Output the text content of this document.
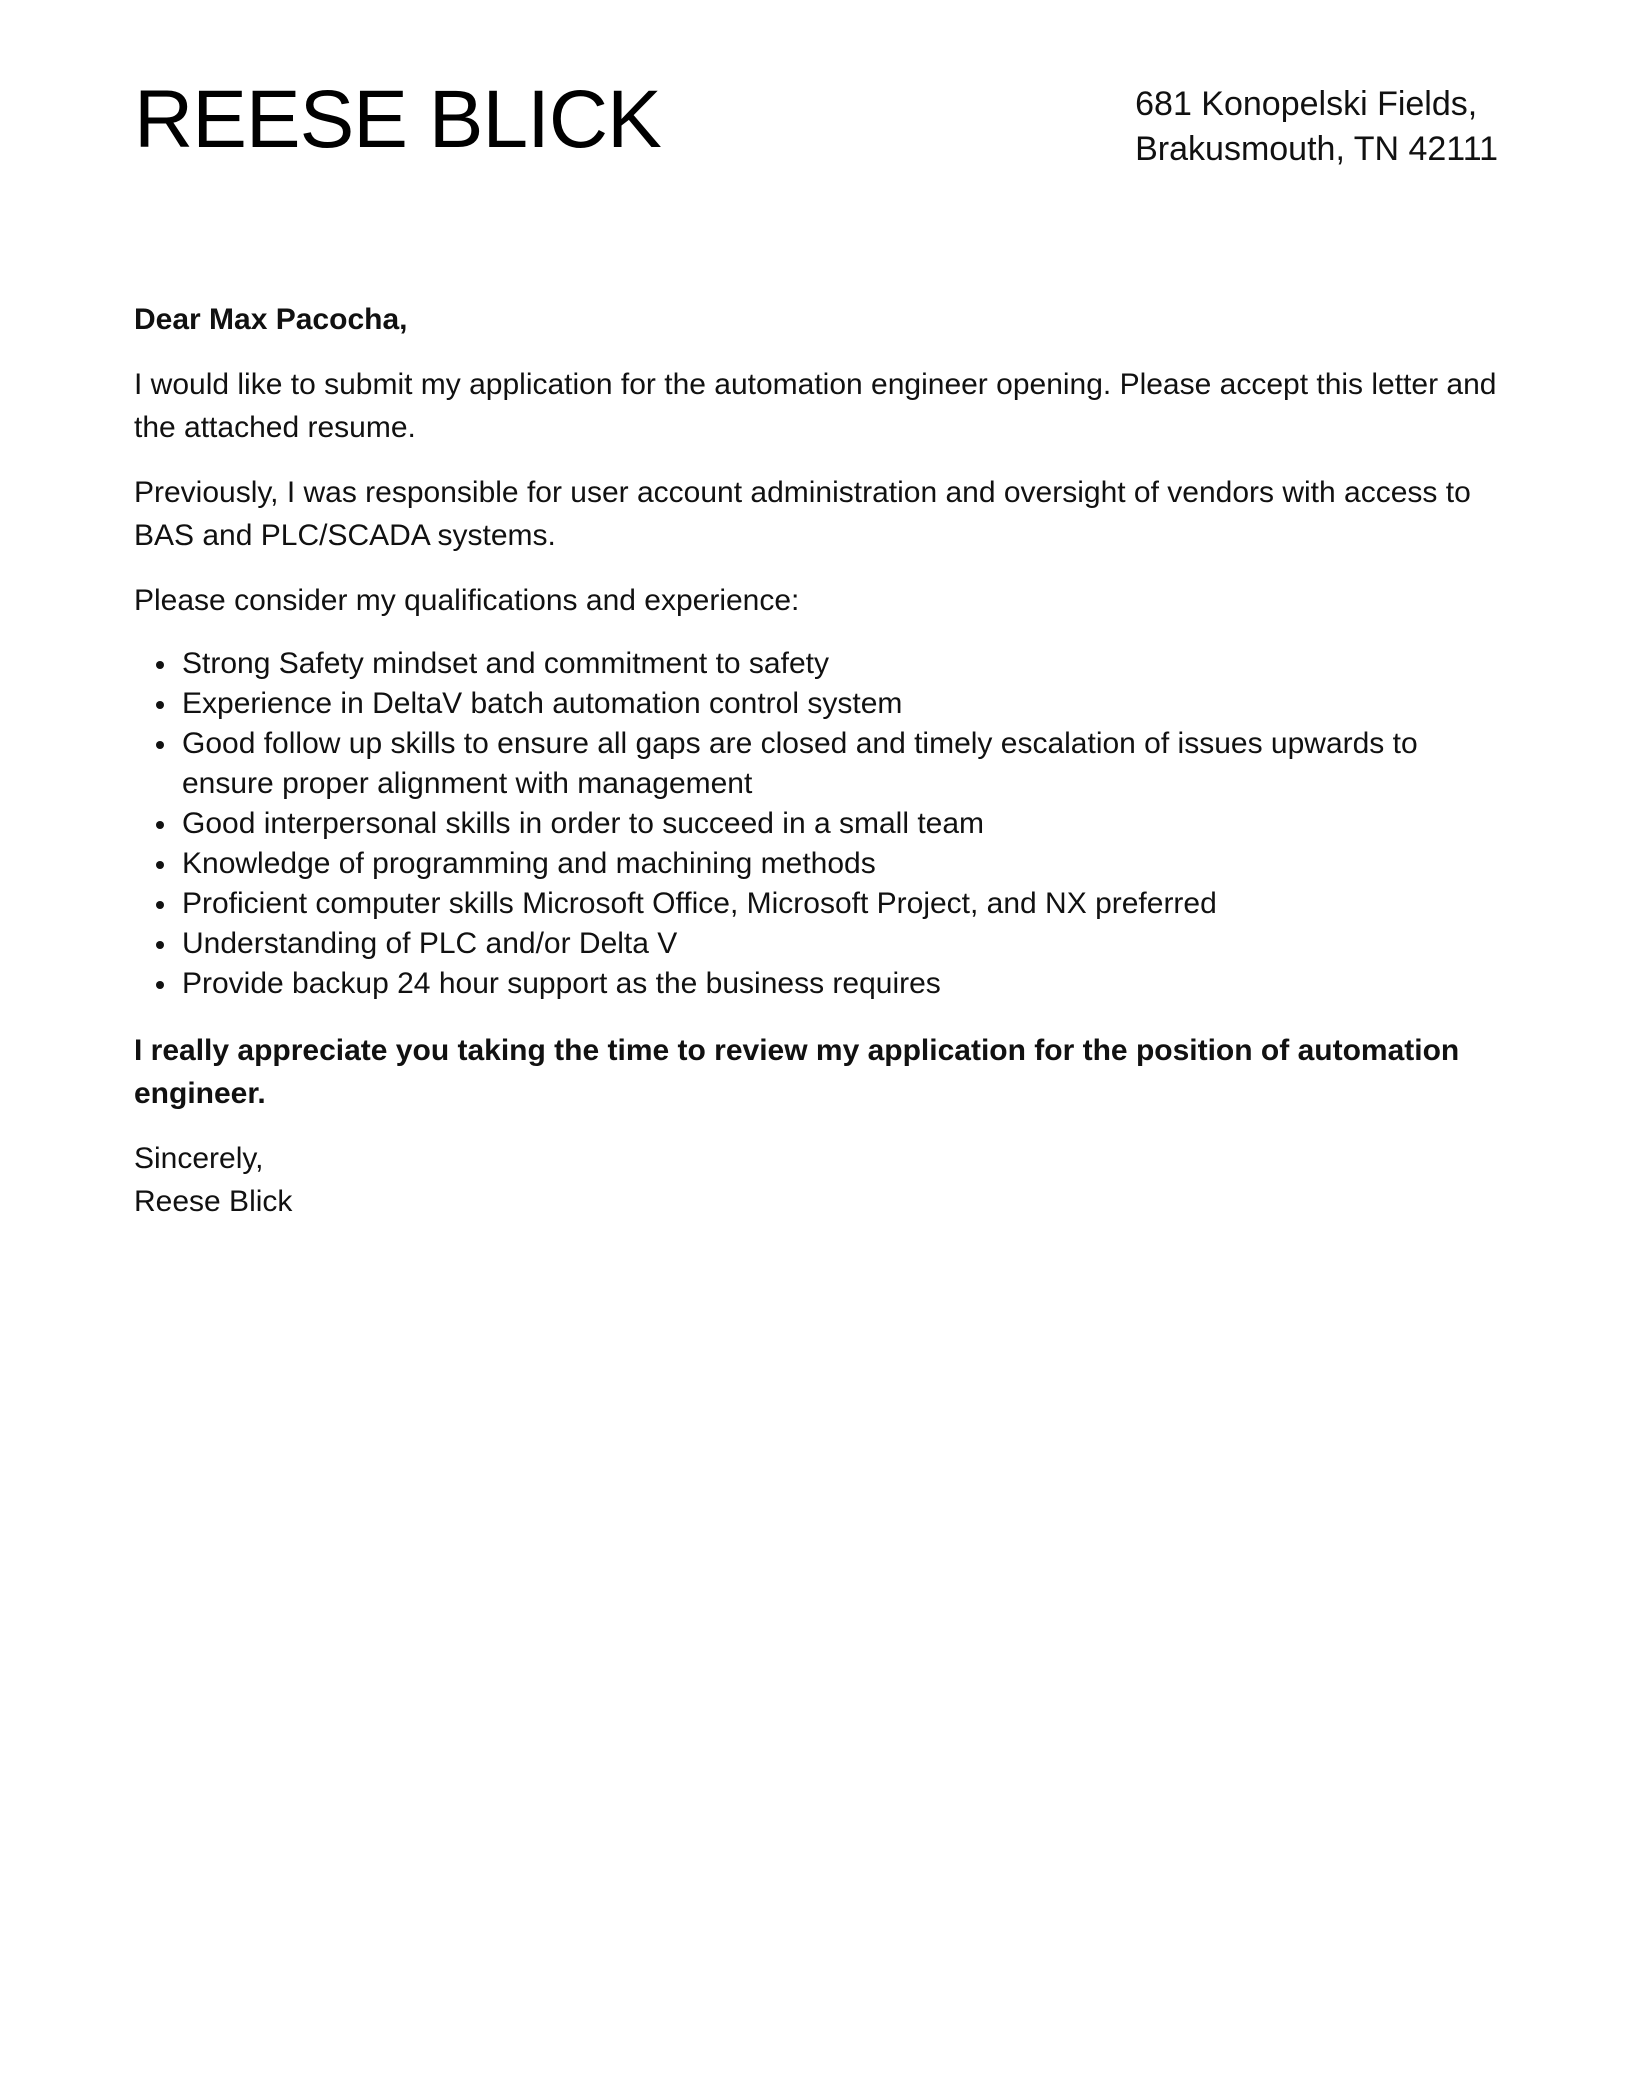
REESE BLICK	681 Konopelski Fields,
Brakusmouth, TN 42111

Dear Max Pacocha,

I would like to submit my application for the automation engineer opening. Please accept this letter and the attached resume.

Previously, I was responsible for user account administration and oversight of vendors with access to BAS and PLC/SCADA systems.

Please consider my qualifications and experience:

Strong Safety mindset and commitment to safety
Experience in DeltaV batch automation control system
Good follow up skills to ensure all gaps are closed and timely escalation of issues upwards to ensure proper alignment with management
Good interpersonal skills in order to succeed in a small team
Knowledge of programming and machining methods
Proficient computer skills Microsoft Office, Microsoft Project, and NX preferred
Understanding of PLC and/or Delta V
Provide backup 24 hour support as the business requires

I really appreciate you taking the time to review my application for the position of automation engineer.

Sincerely,
Reese Blick
